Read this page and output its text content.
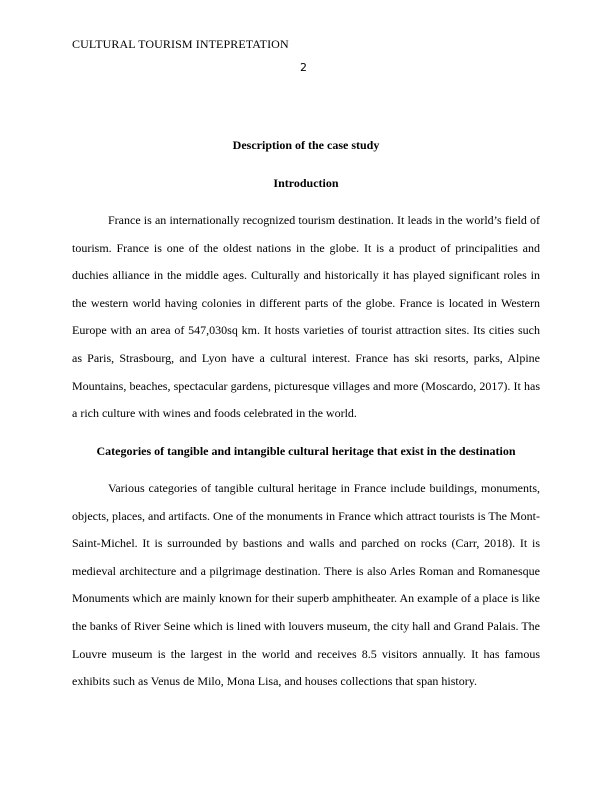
CULTURAL TOURISM INTEPRETATION
2
Description of the case study
Introduction

France is an internationally recognized tourism destination. It leads in the world’s field of tourism. France is one of the oldest nations in the globe. It is a product of principalities and duchies alliance in the middle ages. Culturally and historically it has played significant roles in the western world having colonies in different parts of the globe. France is located in Western Europe with an area of 547,030sq km. It hosts varieties of tourist attraction sites. Its cities such as Paris, Strasbourg, and Lyon have a cultural interest. France has ski resorts, parks, Alpine Mountains, beaches, spectacular gardens, picturesque villages and more (Moscardo, 2017). It has a rich culture with wines and foods celebrated in the world.

Categories of tangible and intangible cultural heritage that exist in the destination

Various categories of tangible cultural heritage in France include buildings, monuments, objects, places, and artifacts. One of the monuments in France which attract tourists is The Mont-Saint-Michel. It is surrounded by bastions and walls and parched on rocks (Carr, 2018). It is medieval architecture and a pilgrimage destination. There is also Arles Roman and Romanesque Monuments which are mainly known for their superb amphitheater. An example of a place is like the banks of River Seine which is lined with louvers museum, the city hall and Grand Palais. The Louvre museum is the largest in the world and receives 8.5 visitors annually. It has famous exhibits such as Venus de Milo, Mona Lisa, and houses collections that span history.
